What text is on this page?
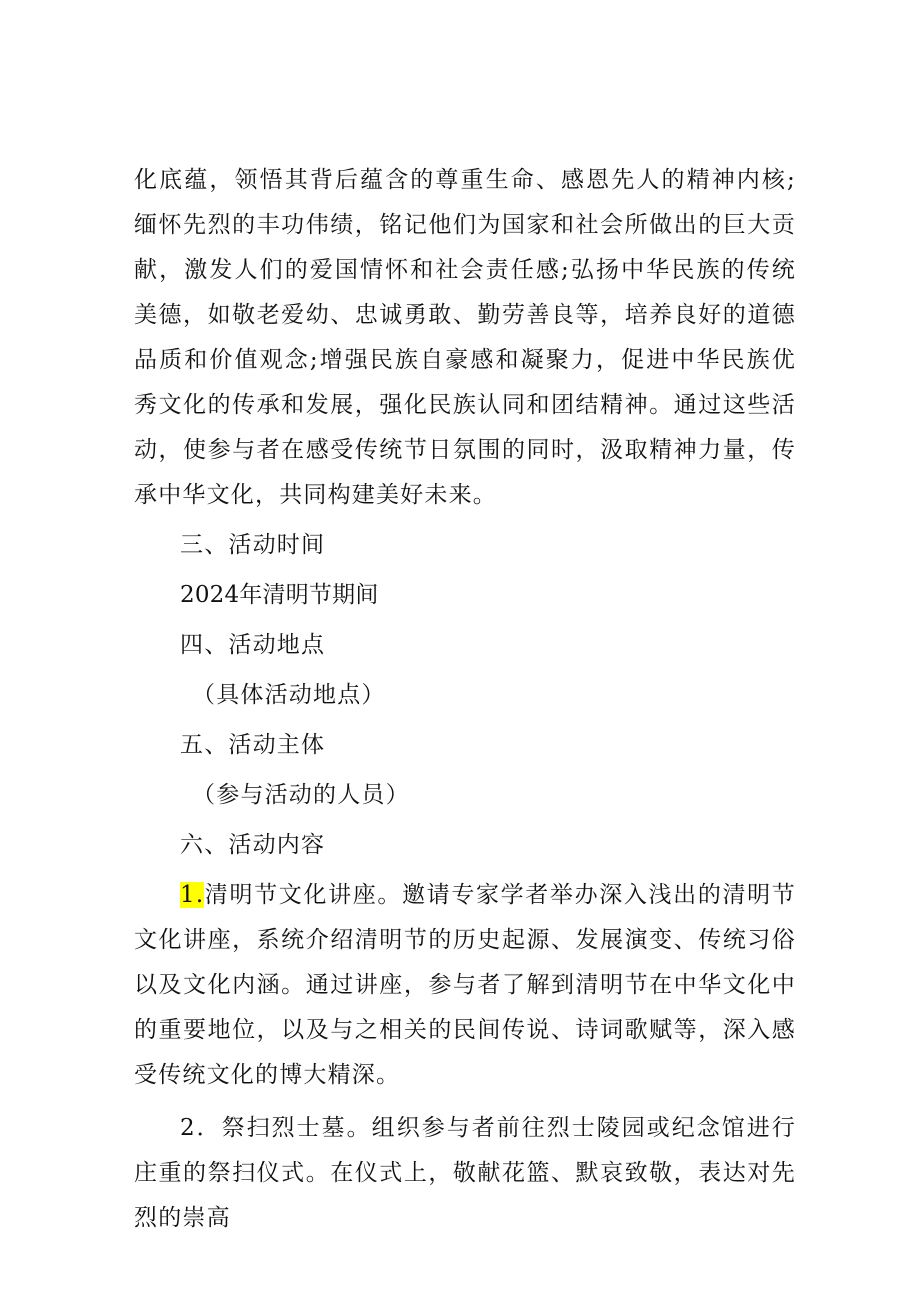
化底蕴，领悟其背后蕴含的尊重生命、感恩先人的精神内核;缅怀先烈的丰功伟绩，铭记他们为国家和社会所做出的巨大贡献，激发人们的爱国情怀和社会责任感;弘扬中华民族的传统美德，如敬老爱幼、忠诚勇敢、勤劳善良等，培养良好的道德品质和价值观念;增强民族自豪感和凝聚力，促进中华民族优秀文化的传承和发展，强化民族认同和团结精神。通过这些活动，使参与者在感受传统节日氛围的同时，汲取精神力量，传承中华文化，共同构建美好未来。

三、活动时间

2024年清明节期间

四、活动地点

（具体活动地点）

五、活动主体

（参与活动的人员）

六、活动内容

1.清明节文化讲座。邀请专家学者举办深入浅出的清明节文化讲座，系统介绍清明节的历史起源、发展演变、传统习俗以及文化内涵。通过讲座，参与者了解到清明节在中华文化中的重要地位，以及与之相关的民间传说、诗词歌赋等，深入感受传统文化的博大精深。

2．祭扫烈士墓。组织参与者前往烈士陵园或纪念馆进行庄重的祭扫仪式。在仪式上，敬献花篮、默哀致敬，表达对先烈的崇高
